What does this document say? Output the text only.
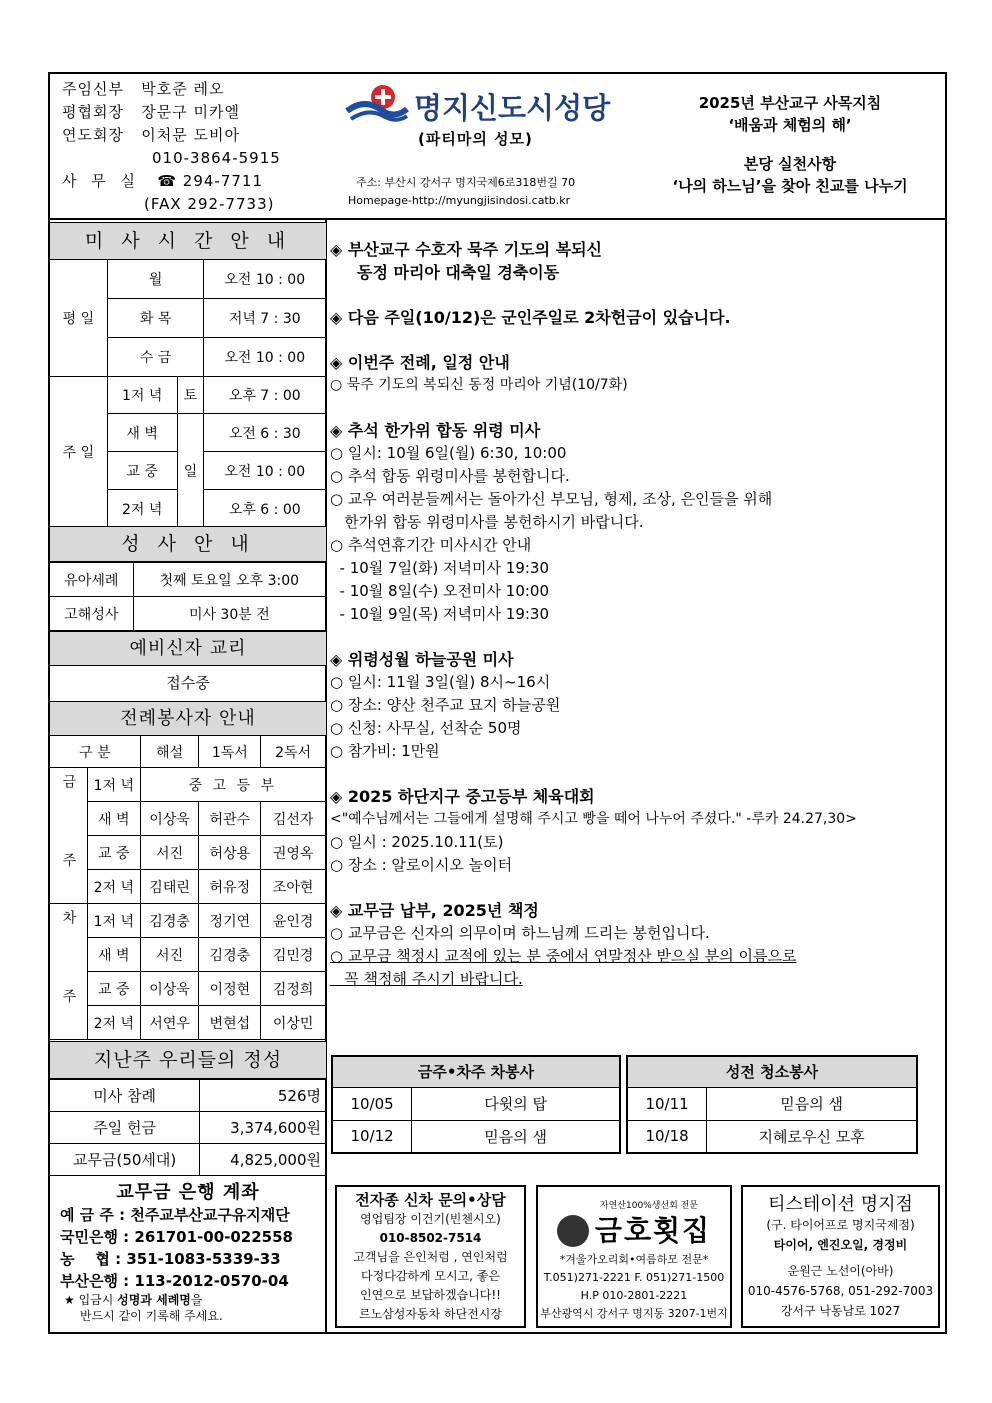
주임신부 박호준 레오
평협회장 장문구 미카엘
연도회장 이처문 도비아
010-3864-5915
사 무 실 ☎ 294-7711
(FAX 292-7733)
명지신도시성당
(파티마의 성모)
주소: 부산시 강서구 명지국제6로318번길 70
Homepage-http://myungjisindosi.catb.kr
2025년 부산교구 사목지침
‘배움과 체험의 해’
본당 실천사항
‘나의 하느님’을 찾아 친교를 나누기
미 사 시 간 안 내
평 일	월		오전 10 : 00
	화 목		저녁 7 : 30
	수 금		오전 10 : 00
주 일	1저 녁	토	오후 7 : 00
	새 벽	일	오전 6 : 30
	교 중		오전 10 : 00
	2저 녁		오후 6 : 00
성 사 안 내
유아세례	첫째 토요일 오후 3:00
고해성사	미사 30분 전
예비신자 교리
접수중
전례봉사자 안내
구 분		해설	1독서	2독서
금 주	1저 녁	중 고 등 부		
	새 벽	이상욱	허관수	김선자
	교 중	서진	허상용	권영옥
	2저 녁	김태린	허유정	조아현
차 주	1저 녁	김경충	정기연	윤인경
	새 벽	서진	김경충	김민경
	교 중	이상욱	이정현	김정희
	2저 녁	서연우	변현섭	이상민
지난주 우리들의 정성
미사 참례	526명
주일 헌금	3,374,600원
교무금(50세대)	4,825,000원
교무금 은행 계좌
예 금 주 : 천주교부산교구유지재단
국민은행 : 261701-00-022558
농    협 : 351-1083-5339-33
부산은행 : 113-2012-0570-04
★ 입금시 성명과 세례명을
반드시 같이 기록해 주세요.
◈ 부산교구 수호자 묵주 기도의 복되신
동정 마리아 대축일 경축이동
◈ 다음 주일(10/12)은 군인주일로 2차헌금이 있습니다.
◈ 이번주 전례, 일정 안내
○ 묵주 기도의 복되신 동정 마리아 기념(10/7화)
◈ 추석 한가위 합동 위령 미사
○ 일시: 10월 6일(월) 6:30, 10:00
○ 추석 합동 위령미사를 봉헌합니다.
○ 교우 여러분들께서는 돌아가신 부모님, 형제, 조상, 은인들을 위해
한가위 합동 위령미사를 봉헌하시기 바랍니다.
○ 추석연휴기간 미사시간 안내
- 10월 7일(화) 저녁미사 19:30
- 10월 8일(수) 오전미사 10:00
- 10월 9일(목) 저녁미사 19:30
◈ 위령성월 하늘공원 미사
○ 일시: 11월 3일(월) 8시~16시
○ 장소: 양산 천주교 묘지 하늘공원
○ 신청: 사무실, 선착순 50명
○ 참가비: 1만원
◈ 2025 하단지구 중고등부 체육대회
<"예수님께서는 그들에게 설명해 주시고 빵을 떼어 나누어 주셨다." -루카 24.27,30>
○ 일시 : 2025.10.11(토)
○ 장소 : 알로이시오 놀이터
◈ 교무금 납부, 2025년 책정
○ 교무금은 신자의 의무이며 하느님께 드리는 봉헌입니다.
○ 교무금 책정시 교적에 있는 분 중에서 연말정산 받으실 분의 이름으로
꼭 책정해 주시기 바랍니다.
금주•차주 차봉사	
10/05	다윗의 탑
10/12	믿음의 샘
성전 청소봉사	
10/11	믿음의 샘
10/18	지혜로우신 모후
전자종 신차 문의•상담
영업팀장 이건기(빈첸시오)
010-8502-7514
고객님을 은인처럼 , 연인처럼
다정다감하게 모시고, 좋은
인연으로 보답하겠습니다!!
르노삼성자동차 하단전시장
자연산100%생선회 전문
금호횟집
*겨울가오리회•여름하모 전문*
T.051)271-2221 F. 051)271-1500
H.P 010-2801-2221
부산광역시 강서구 명지동 3207-1번지
티스테이션 명지점
(구. 타이어프로 명지국제점)
타이어, 엔진오일, 경정비
운원근 노선이(아바)
010-4576-5768, 051-292-7003
강서구 낙동남로 1027
